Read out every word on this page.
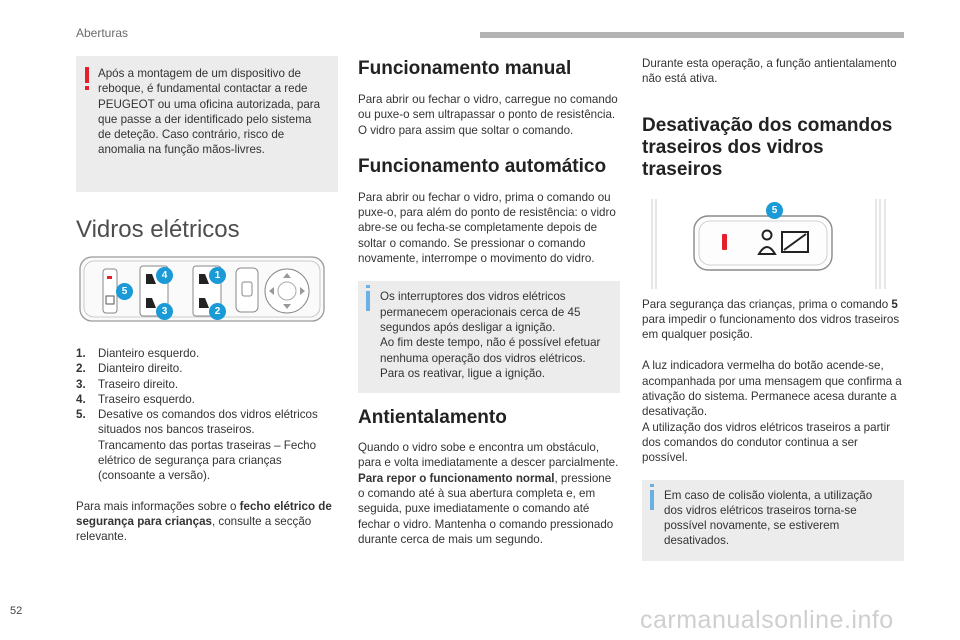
Aberturas
Após a montagem de um dispositivo de reboque, é fundamental contactar a rede PEUGEOT ou uma oficina autorizada, para que passe a der identificado pelo sistema de deteção. Caso contrário, risco de anomalia na função mãos-livres.
Vidros elétricos
4	1
5
3	2
1.	Dianteiro esquerdo.
2.	Dianteiro direito.
3.	Traseiro direito.
4.	Traseiro esquerdo.
5.	Desative os comandos dos vidros elétricos situados nos bancos traseiros.
Trancamento das portas traseiras – Fecho elétrico de segurança para crianças (consoante a versão).
Para mais informações sobre o fecho elétrico de segurança para crianças, consulte a secção relevante.
Funcionamento manual
Para abrir ou fechar o vidro, carregue no comando ou puxe-o sem ultrapassar o ponto de resistência. O vidro para assim que soltar o comando.
Funcionamento automático
Para abrir ou fechar o vidro, prima o comando ou puxe-o, para além do ponto de resistência: o vidro abre-se ou fecha-se completamente depois de soltar o comando. Se pressionar o comando novamente, interrompe o movimento do vidro.
Os interruptores dos vidros elétricos permanecem operacionais cerca de 45 segundos após desligar a ignição.
Ao fim deste tempo, não é possível efetuar nenhuma operação dos vidros elétricos. Para os reativar, ligue a ignição.
Antientalamento
Quando o vidro sobe e encontra um obstáculo, para e volta imediatamente a descer parcialmente.
Para repor o funcionamento normal, pressione o comando até à sua abertura completa e, em seguida, puxe imediatamente o comando até fechar o vidro. Mantenha o comando pressionado durante cerca de mais um segundo.
Durante esta operação, a função antientalamento não está ativa.
Desativação dos comandos traseiros dos vidros traseiros
5
Para segurança das crianças, prima o comando 5 para impedir o funcionamento dos vidros traseiros em qualquer posição.
A luz indicadora vermelha do botão acende-se, acompanhada por uma mensagem que confirma a ativação do sistema. Permanece acesa durante a desativação.
A utilização dos vidros elétricos traseiros a partir dos comandos do condutor continua a ser possível.
Em caso de colisão violenta, a utilização dos vidros elétricos traseiros torna-se possível novamente, se estiverem desativados.
52	carmanualsonline.info
